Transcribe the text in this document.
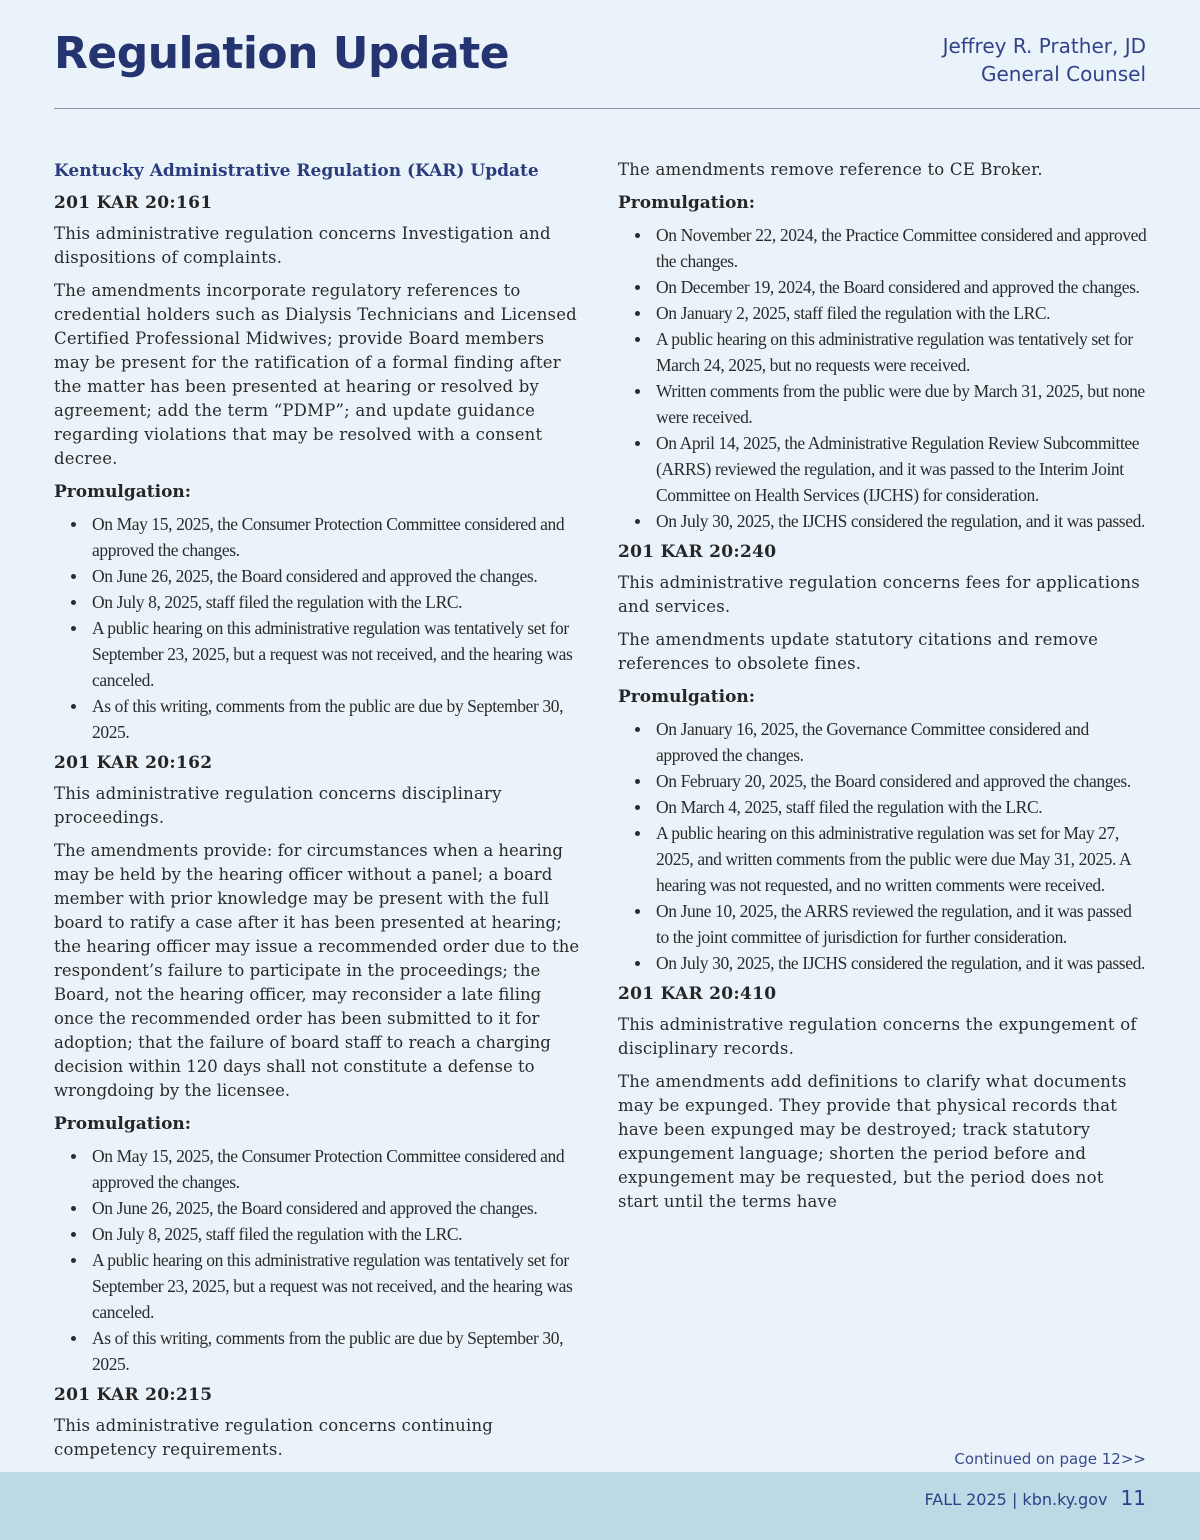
Regulation Update	Jeffrey R. Prather, JD
General Counsel
Kentucky Administrative Regulation (KAR) Update
201 KAR 20:161

This administrative regulation concerns Investigation and dispositions of complaints.

The amendments incorporate regulatory references to credential holders such as Dialysis Technicians and Licensed Certified Professional Midwives; provide Board members may be present for the ratification of a formal finding after the matter has been presented at hearing or resolved by agreement; add the term “PDMP”; and update guidance regarding violations that may be resolved with a consent decree.

Promulgation:
On May 15, 2025, the Consumer Protection Committee considered and approved the changes.
On June 26, 2025, the Board considered and approved the changes.
On July 8, 2025, staff filed the regulation with the LRC.
A public hearing on this administrative regulation was tentatively set for September 23, 2025, but a request was not received, and the hearing was canceled.
As of this writing, comments from the public are due by September 30, 2025.
201 KAR 20:162

This administrative regulation concerns disciplinary proceedings.

The amendments provide: for circumstances when a hearing may be held by the hearing officer without a panel; a board member with prior knowledge may be present with the full board to ratify a case after it has been presented at hearing; the hearing officer may issue a recommended order due to the respondent’s failure to participate in the proceedings; the Board, not the hearing officer, may reconsider a late filing once the recommended order has been submitted to it for adoption; that the failure of board staff to reach a charging decision within 120 days shall not constitute a defense to wrongdoing by the licensee.

Promulgation:
On May 15, 2025, the Consumer Protection Committee considered and approved the changes.
On June 26, 2025, the Board considered and approved the changes.
On July 8, 2025, staff filed the regulation with the LRC.
A public hearing on this administrative regulation was tentatively set for September 23, 2025, but a request was not received, and the hearing was canceled.
As of this writing, comments from the public are due by September 30, 2025.
201 KAR 20:215

This administrative regulation concerns continuing competency requirements.

The amendments remove reference to CE Broker.

Promulgation:
On November 22, 2024, the Practice Committee considered and approved the changes.
On December 19, 2024, the Board considered and approved the changes.
On January 2, 2025, staff filed the regulation with the LRC.
A public hearing on this administrative regulation was tentatively set for March 24, 2025, but no requests were received.
Written comments from the public were due by March 31, 2025, but none were received.
On April 14, 2025, the Administrative Regulation Review Subcommittee (ARRS) reviewed the regulation, and it was passed to the Interim Joint Committee on Health Services (IJCHS) for consideration.
On July 30, 2025, the IJCHS considered the regulation, and it was passed.
201 KAR 20:240

This administrative regulation concerns fees for applications and services.

The amendments update statutory citations and remove references to obsolete fines.

Promulgation:
On January 16, 2025, the Governance Committee considered and approved the changes.
On February 20, 2025, the Board considered and approved the changes.
On March 4, 2025, staff filed the regulation with the LRC.
A public hearing on this administrative regulation was set for May 27, 2025, and written comments from the public were due May 31, 2025. A hearing was not requested, and no written comments were received.
On June 10, 2025, the ARRS reviewed the regulation, and it was passed to the joint committee of jurisdiction for further consideration.
On July 30, 2025, the IJCHS considered the regulation, and it was passed.
201 KAR 20:410

This administrative regulation concerns the expungement of disciplinary records.

The amendments add definitions to clarify what documents may be expunged. They provide that physical records that have been expunged may be destroyed; track statutory expungement language; shorten the period before and expungement may be requested, but the period does not start until the terms have

Continued on page 12>>
FALL 2025 | kbn.ky.gov 11
